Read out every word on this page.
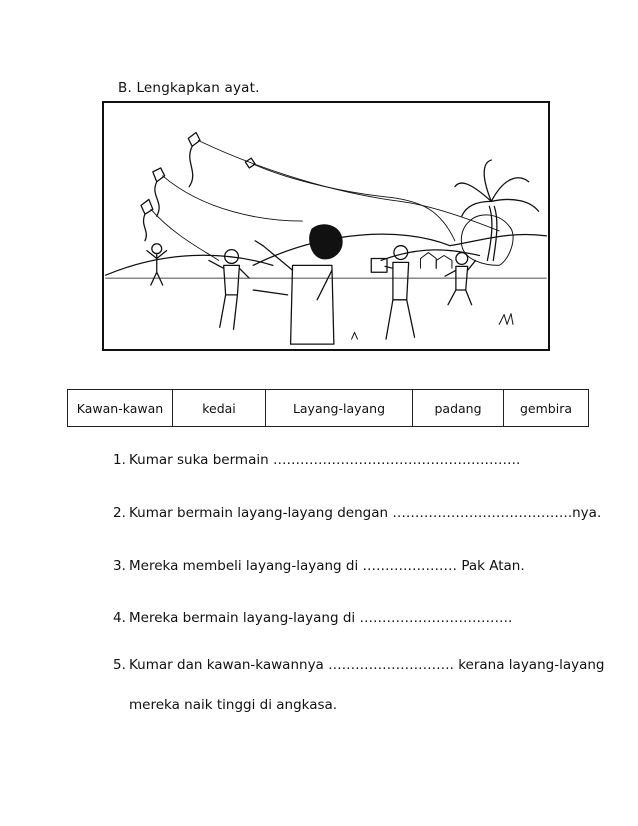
B. Lengkapkan ayat.
Kawan-kawan	kedai	Layang-layang	padang	gembira
1. Kumar suka bermain ……………………………………………….
2. Kumar bermain layang-layang dengan ………………………………….nya.
3. Mereka membeli layang-layang di ………………… Pak Atan.
4. Mereka bermain layang-layang di …………………………….
5. Kumar dan kawan-kawannya ………………………. kerana layang-layang
mereka naik tinggi di angkasa.
